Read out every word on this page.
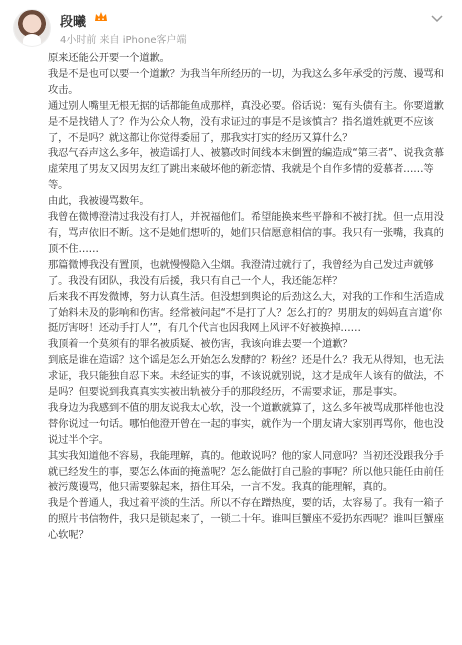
段曦
4小时前 来自 iPhone客户端

原来还能公开要一个道歉。

我是不是也可以要一个道歉？为我当年所经历的一切，为我这么多年承受的污蔑、谩骂和攻击。

通过别人嘴里无根无据的话都能鱼成那样，真没必要。俗话说：冤有头债有主。你要道歉是不是找错人了？作为公众人物，没有求证过的事是不是该慎言？指名道姓就更不应该了，不是吗？就这都让你觉得委屈了，那我实打实的经历又算什么？

我忍气吞声这么多年，被造谣打人、被篡改时间线本末倒置的编造成“第三者”、说我贪慕虚荣甩了男友又因男友红了跳出来破坏他的新恋情、我就是个自作多情的爱慕者……等等。

由此，我被谩骂数年。

我曾在微博澄清过我没有打人，并祝福他们。希望能换来些平静和不被打扰。但一点用没有，骂声依旧不断。这不是她们想听的，她们只信愿意相信的事。我只有一张嘴，我真的顶不住……

那篇微博我没有置顶，也就慢慢隐入尘烟。我澄清过就行了，我曾经为自己发过声就够了。我没有团队，我没有后援，我只有自己一个人，我还能怎样？

后来我不再发微博，努力认真生活。但没想到舆论的后劲这么大，对我的工作和生活造成了始料未及的影响和伤害。经常被问起“不是打了人？怎么打的？男朋友的妈妈直言道‘你挺厉害呀！还动手打人’”，有几个代言也因我网上风评不好被换掉……

我顶着一个莫须有的罪名被质疑、被伤害，我该向谁去要一个道歉？

到底是谁在造谣？这个谣是怎么开始怎么发酵的？粉丝？还是什么？我无从得知，也无法求证，我只能独自忍下来。未经证实的事，不该说就别说，这才是成年人该有的做法，不是吗？但要说到我真真实实被出轨被分手的那段经历，不需要求证，那是事实。

我身边为我感到不值的朋友说我太心软，没一个道歉就算了，这么多年被骂成那样他也没替你说过一句话。哪怕他澄开曾在一起的事实，就作为一个朋友请大家别再骂你，他也没说过半个字。

其实我知道他不容易，我能理解，真的。他敢说吗？他的家人同意吗？当初还没跟我分手就已经发生的事，要怎么体面的掩盖呢？怎么能做打自己脸的事呢？所以他只能任由前任被污蔑谩骂，他只需要躲起来，捂住耳朵，一言不发。我真的能理解，真的。

我是个普通人，我过着平淡的生活。所以不存在蹭热度，要的话，太容易了。我有一箱子的照片书信物件，我只是锁起来了，一锁二十年。谁叫巨蟹座不爱扔东西呢？谁叫巨蟹座心软呢？
